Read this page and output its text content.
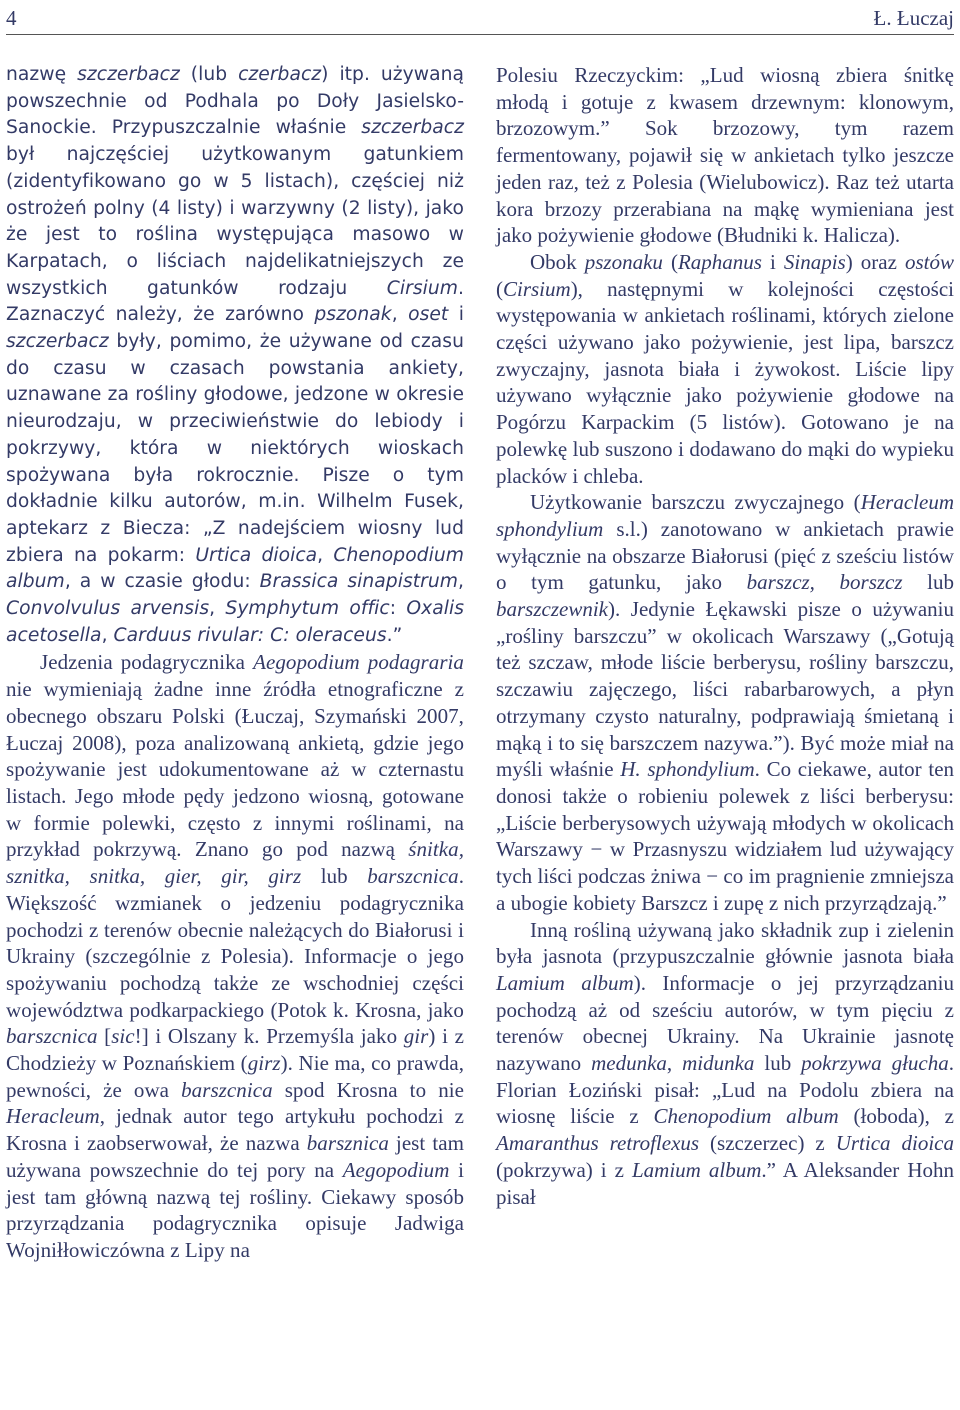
4	Ł. Łuczaj

nazwę szczerbacz (lub czerbacz) itp. używaną powszechnie od Podhala po Doły Jasielsko-Sanockie. Przypuszczalnie właśnie szczerbacz był najczęściej użytkowanym gatunkiem (zidentyfikowano go w 5 listach), częściej niż ostrożeń polny (4 listy) i warzywny (2 listy), jako że jest to roślina występująca masowo w Karpatach, o liściach najdelikatniejszych ze wszystkich gatunków rodzaju Cirsium. Zaznaczyć należy, że zarówno pszonak, oset i szczerbacz były, pomimo, że używane od czasu do czasu w czasach powstania ankiety, uznawane za rośliny głodowe, jedzone w okresie nieurodzaju, w przeciwieństwie do lebiody i pokrzywy, która w niektórych wioskach spożywana była rokrocznie. Pisze o tym dokładnie kilku autorów, m.in. Wilhelm Fusek, aptekarz z Biecza: „Z nadejściem wiosny lud zbiera na pokarm: Urtica dioica, Chenopodium album, a w czasie głodu: Brassica sinapistrum, Convolvulus arvensis, Symphytum offic: Oxalis acetosella, Carduus rivular: C: oleraceus.”

Jedzenia podagrycznika Aegopodium podagraria nie wymieniają żadne inne źródła etnograficzne z obecnego obszaru Polski (Łuczaj, Szymański 2007, Łuczaj 2008), poza analizowaną ankietą, gdzie jego spożywanie jest udokumentowane aż w czternastu listach. Jego młode pędy jedzono wiosną, gotowane w formie polewki, często z innymi roślinami, na przykład pokrzywą. Znano go pod nazwą śnitka, sznitka, snitka, gier, gir, girz lub barszcnica. Większość wzmianek o jedzeniu podagrycznika pochodzi z terenów obecnie należących do Białorusi i Ukrainy (szczególnie z Polesia). Informacje o jego spożywaniu pochodzą także ze wschodniej części województwa podkarpackiego (Potok k. Krosna, jako barszcnica [sic!] i Olszany k. Przemyśla jako gir) i z Chodzieży w Poznańskiem (girz). Nie ma, co prawda, pewności, że owa barszcnica spod Krosna to nie Heracleum, jednak autor tego artykułu pochodzi z Krosna i zaobserwował, że nazwa barsznica jest tam używana powszechnie do tej pory na Aegopodium i jest tam główną nazwą tej rośliny. Ciekawy sposób przyrządzania podagrycznika opisuje Jadwiga Wojniłłowiczówna z Lipy na

Polesiu Rzeczyckim: „Lud wiosną zbiera śnitkę młodą i gotuje z kwasem drzewnym: klonowym, brzozowym.” Sok brzozowy, tym razem fermentowany, pojawił się w ankietach tylko jeszcze jeden raz, też z Polesia (Wielubowicz). Raz też utarta kora brzozy przerabiana na mąkę wymieniana jest jako pożywienie głodowe (Błudniki k. Halicza).

Obok pszonaku (Raphanus i Sinapis) oraz ostów (Cirsium), następnymi w kolejności częstości występowania w ankietach roślinami, których zielone części używano jako pożywienie, jest lipa, barszcz zwyczajny, jasnota biała i żywokost. Liście lipy używano wyłącznie jako pożywienie głodowe na Pogórzu Karpackim (5 listów). Gotowano je na polewkę lub suszono i dodawano do mąki do wypieku placków i chleba.

Użytkowanie barszczu zwyczajnego (Heracleum sphondylium s.l.) zanotowano w ankietach prawie wyłącznie na obszarze Białorusi (pięć z sześciu listów o tym gatunku, jako barszcz, borszcz lub barszczewnik). Jedynie Łękawski pisze o używaniu „rośliny barszczu” w okolicach Warszawy („Gotują też szczaw, młode liście berberysu, rośliny barszczu, szczawiu zajęczego, liści rabarbarowych, a płyn otrzymany czysto naturalny, podprawiają śmietaną i mąką i to się barszczem nazywa.”). Być może miał na myśli właśnie H. sphondylium. Co ciekawe, autor ten donosi także o robieniu polewek z liści berberysu: „Liście berberysowych używają młodych w okolicach Warszawy − w Przasnyszu widziałem lud używający tych liści podczas żniwa − co im pragnienie zmniejsza a ubogie kobiety Barszcz i zupę z nich przyrządzają.”

Inną rośliną używaną jako składnik zup i zielenin była jasnota (przypuszczalnie głównie jasnota biała Lamium album). Informacje o jej przyrządzaniu pochodzą aż od sześciu autorów, w tym pięciu z terenów obecnej Ukrainy. Na Ukrainie jasnotę nazywano medunka, midunka lub pokrzywa głucha. Florian Łoziński pisał: „Lud na Podolu zbiera na wiosnę liście z Chenopodium album (łoboda), z Amaranthus retroflexus (szczerzec) z Urtica dioica (pokrzywa) i z Lamium album.” A Aleksander Hohn pisał
